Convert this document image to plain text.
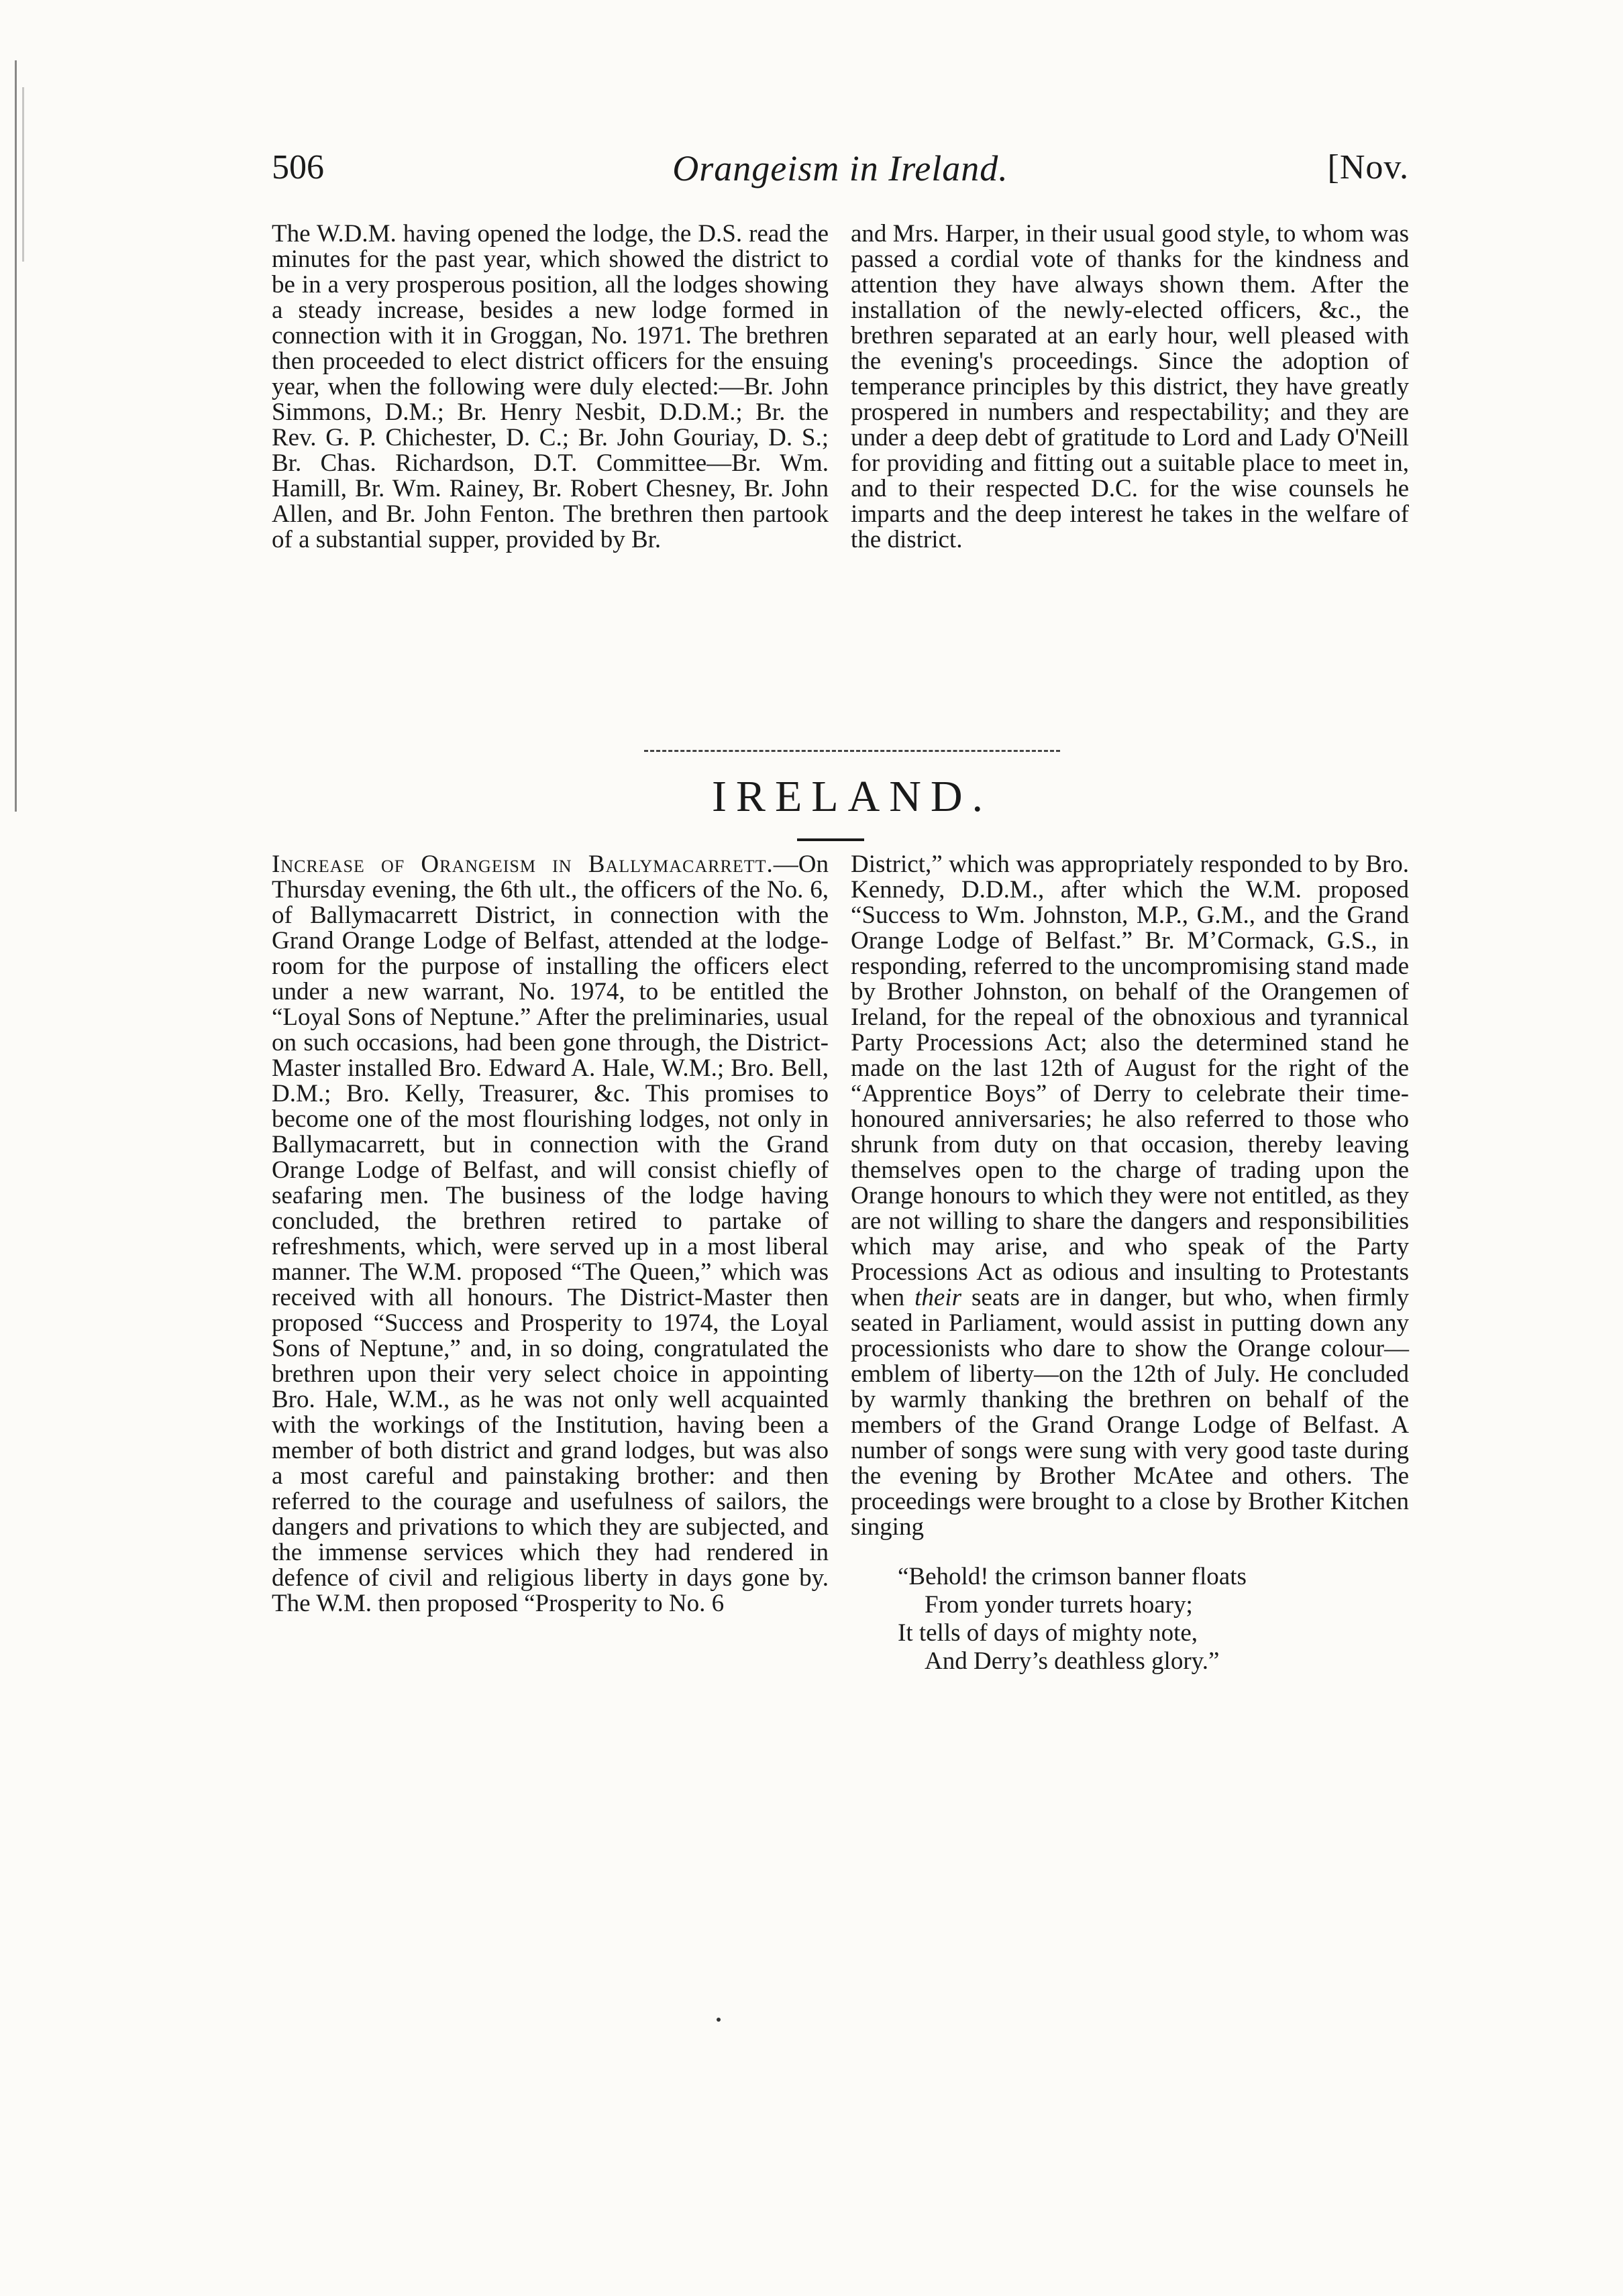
506	Orangeism in Ireland.	[Nov.

The W.D.M. having opened the lodge, the D.S. read the minutes for the past year, which showed the district to be in a very prosperous position, all the lodges showing a steady increase, besides a new lodge formed in connection with it in Groggan, No. 1971. The brethren then proceeded to elect district officers for the ensuing year, when the following were duly elected:—Br. John Simmons, D.M.; Br. Henry Nesbit, D.D.M.; Br. the Rev. G. P. Chichester, D. C.; Br. John Gouriay, D. S.; Br. Chas. Richardson, D.T. Committee—Br. Wm. Hamill, Br. Wm. Rainey, Br. Robert Chesney, Br. John Allen, and Br. John Fenton. The brethren then partook of a substantial supper, provided by Br.

and Mrs. Harper, in their usual good style, to whom was passed a cordial vote of thanks for the kindness and attention they have always shown them. After the installation of the newly-elected officers, &c., the brethren separated at an early hour, well pleased with the evening's proceedings. Since the adoption of temperance principles by this district, they have greatly prospered in numbers and respectability; and they are under a deep debt of gratitude to Lord and Lady O'Neill for providing and fitting out a suitable place to meet in, and to their respected D.C. for the wise counsels he imparts and the deep interest he takes in the welfare of the district.

IRELAND.

Increase of Orangeism in Ballymacarrett.—On Thursday evening, the 6th ult., the officers of the No. 6, of Ballymacarrett District, in connection with the Grand Orange Lodge of Belfast, attended at the lodge-room for the purpose of installing the officers elect under a new warrant, No. 1974, to be entitled the “Loyal Sons of Neptune.” After the preliminaries, usual on such occasions, had been gone through, the District-Master installed Bro. Edward A. Hale, W.M.; Bro. Bell, D.M.; Bro. Kelly, Treasurer, &c. This promises to become one of the most flourishing lodges, not only in Ballymacarrett, but in connection with the Grand Orange Lodge of Belfast, and will consist chiefly of seafaring men. The business of the lodge having concluded, the brethren retired to partake of refreshments, which, were served up in a most liberal manner. The W.M. proposed “The Queen,” which was received with all honours. The District-Master then proposed “Success and Prosperity to 1974, the Loyal Sons of Neptune,” and, in so doing, congratulated the brethren upon their very select choice in appointing Bro. Hale, W.M., as he was not only well acquainted with the workings of the Institution, having been a member of both district and grand lodges, but was also a most careful and painstaking brother: and then referred to the courage and usefulness of sailors, the dangers and privations to which they are subjected, and the immense services which they had rendered in defence of civil and religious liberty in days gone by. The W.M. then proposed “Prosperity to No. 6

District,” which was appropriately responded to by Bro. Kennedy, D.D.M., after which the W.M. proposed “Success to Wm. Johnston, M.P., G.M., and the Grand Orange Lodge of Belfast.” Br. M’Cormack, G.S., in responding, referred to the uncompromising stand made by Brother Johnston, on behalf of the Orangemen of Ireland, for the repeal of the obnoxious and tyrannical Party Processions Act; also the determined stand he made on the last 12th of August for the right of the “Apprentice Boys” of Derry to celebrate their time-honoured anniversaries; he also referred to those who shrunk from duty on that occasion, thereby leaving themselves open to the charge of trading upon the Orange honours to which they were not entitled, as they are not willing to share the dangers and responsibilities which may arise, and who speak of the Party Processions Act as odious and insulting to Protestants when their seats are in danger, but who, when firmly seated in Parliament, would assist in putting down any processionists who dare to show the Orange colour—emblem of liberty—on the 12th of July. He concluded by warmly thanking the brethren on behalf of the members of the Grand Orange Lodge of Belfast. A number of songs were sung with very good taste during the evening by Brother McAtee and others. The proceedings were brought to a close by Brother Kitchen singing

“Behold! the crimson banner floats
From yonder turrets hoary;
It tells of days of mighty note,
And Derry’s deathless glory.”
